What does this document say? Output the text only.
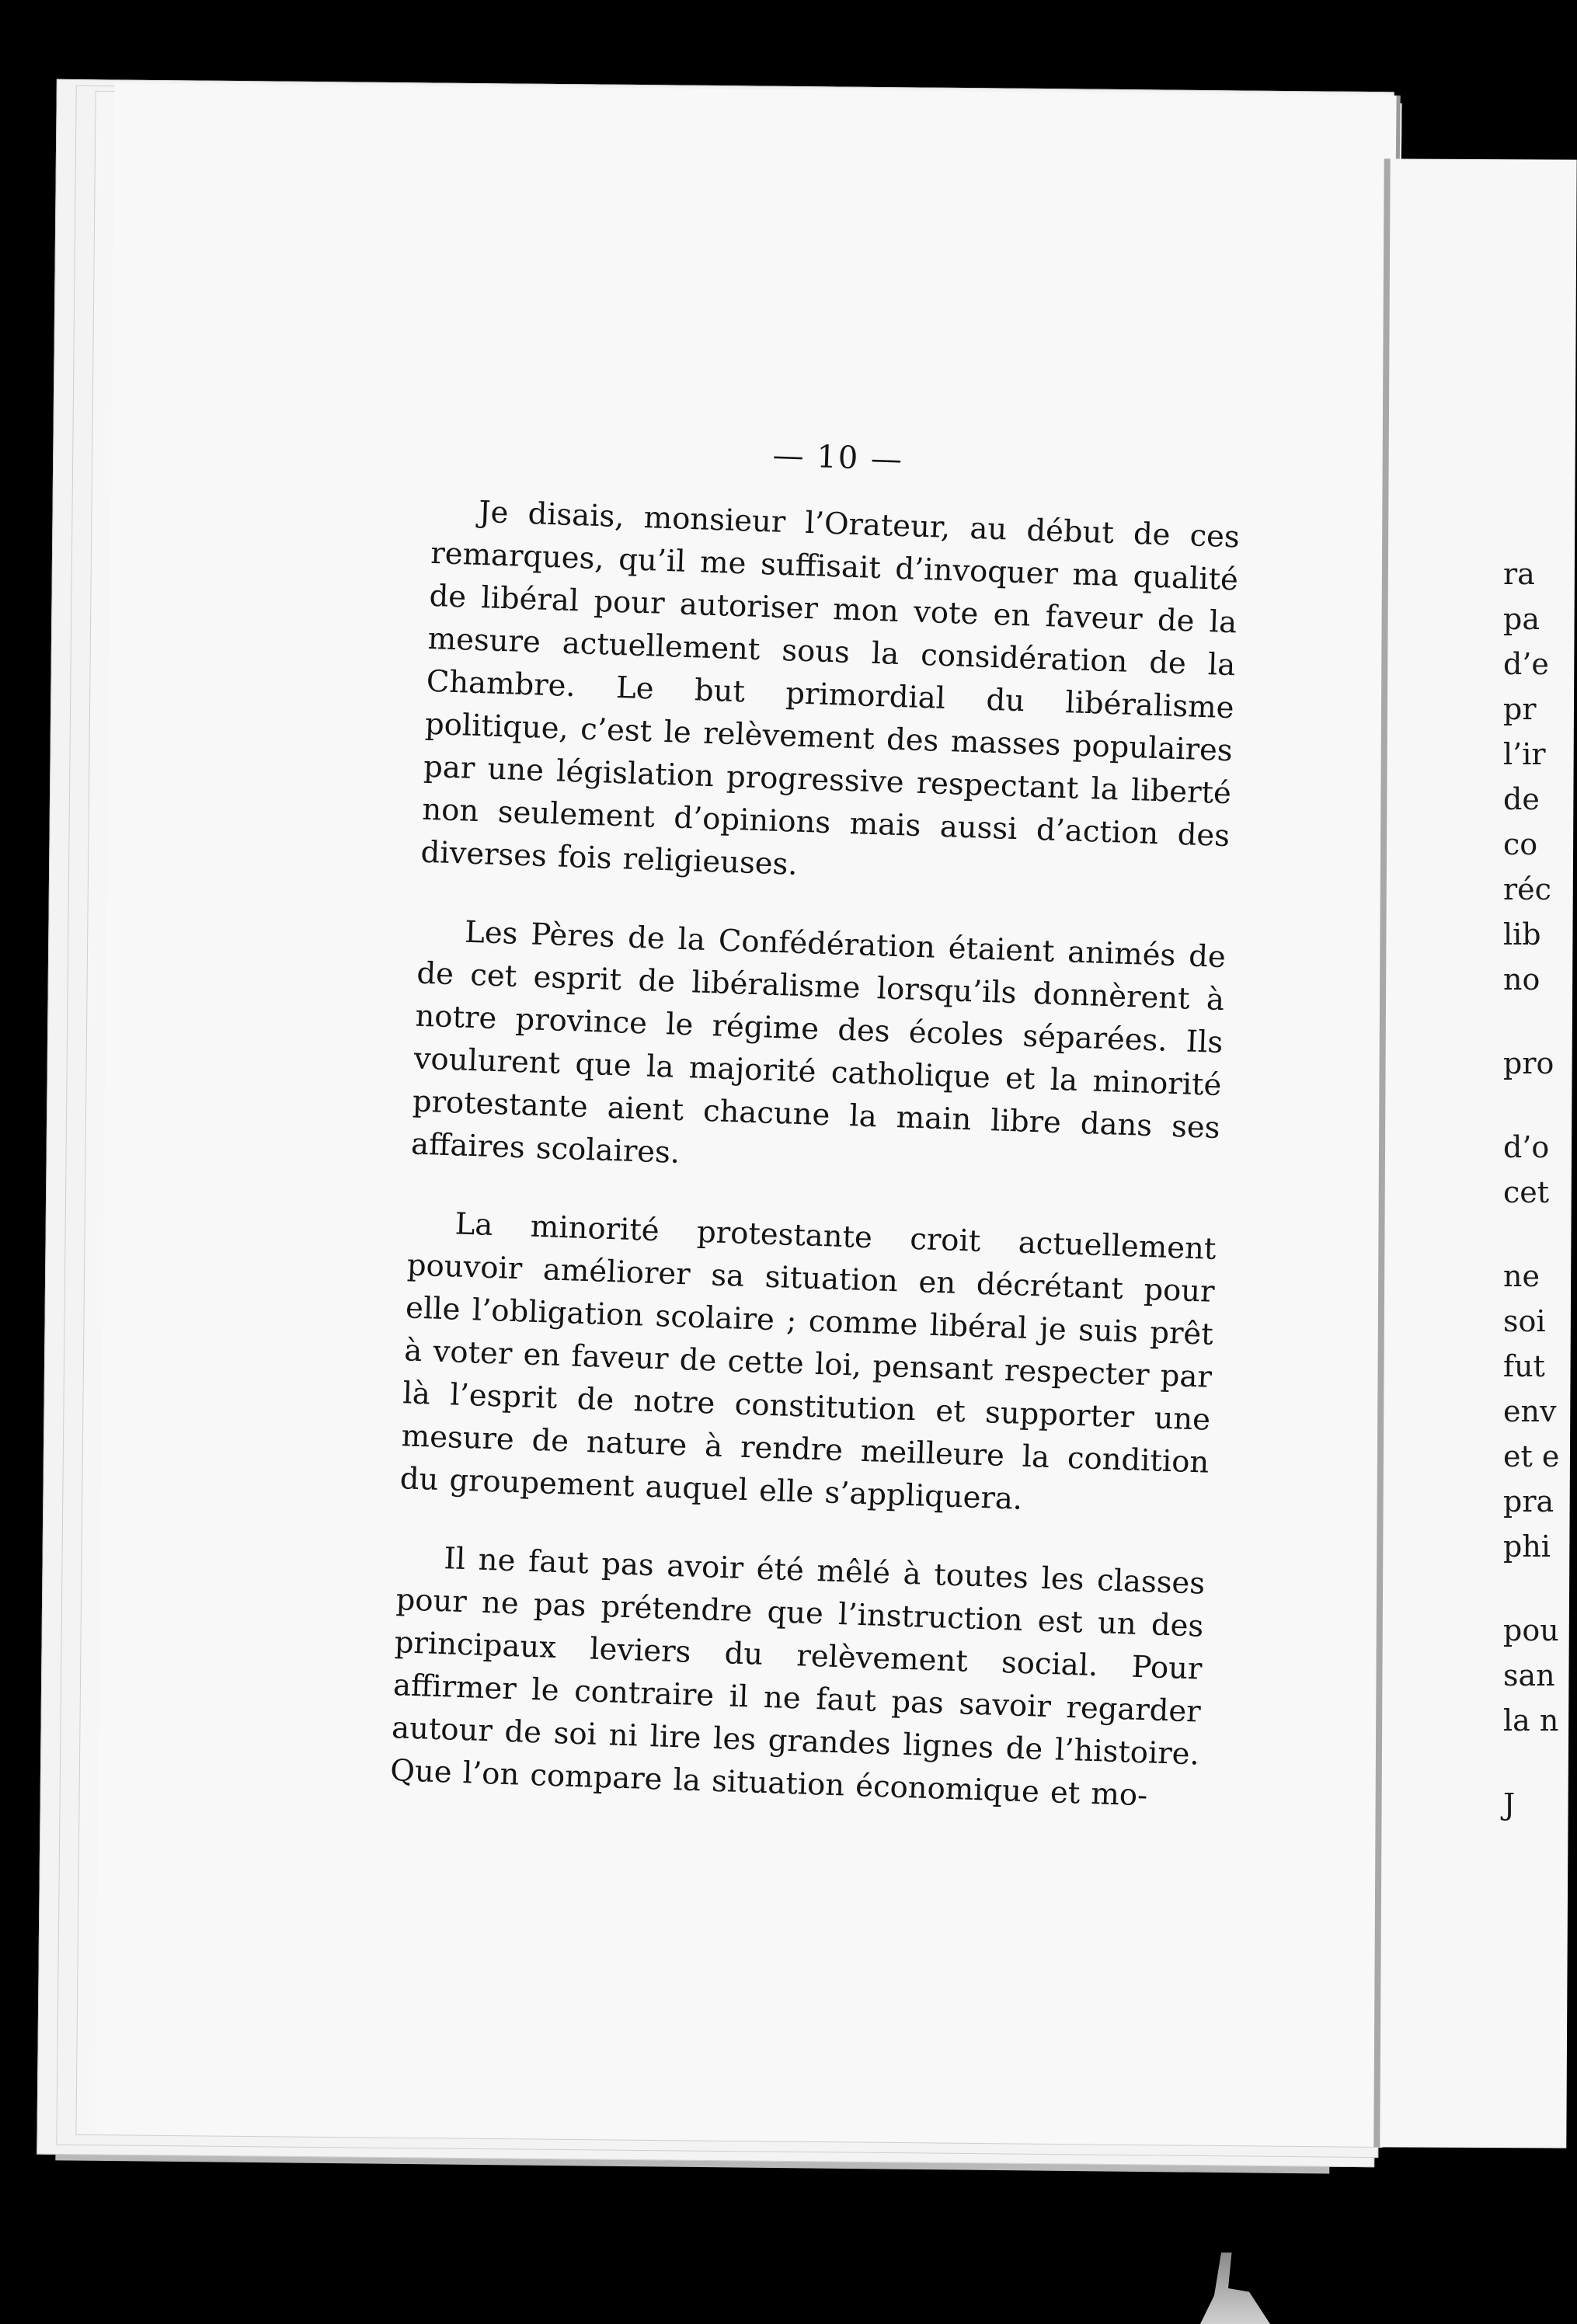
ra
pa
d’e
pr
l’ir
de
co
réc
lib
no
pro
d’o
cet
ne
soi
fut
env
et e
pra
phi
pou
san
la n
J
— 10 —

Je disais, monsieur l’Orateur, au début de ces remarques, qu’il me suffisait d’invoquer ma qualité de libéral pour autoriser mon vote en faveur de la mesure actuellement sous la considération de la Chambre. Le but primordial du libéralisme politique, c’est le relèvement des masses populaires par une législation progressive respectant la liberté non seulement d’opinions mais aussi d’action des diverses fois religieuses.

Les Pères de la Confédération étaient animés de de cet esprit de libéralisme lorsqu’ils donnèrent à notre province le régime des écoles séparées. Ils voulurent que la majorité catholique et la minorité protestante aient chacune la main libre dans ses affaires scolaires.

La minorité protestante croit actuellement pouvoir améliorer sa situation en décrétant pour elle l’obligation scolaire ; comme libéral je suis prêt à voter en faveur de cette loi, pensant respecter par là l’esprit de notre constitution et supporter une mesure de nature à rendre meilleure la condition du groupement auquel elle s’appliquera.

Il ne faut pas avoir été mêlé à toutes les classes pour ne pas prétendre que l’instruction est un des principaux leviers du relèvement social. Pour affirmer le contraire il ne faut pas savoir regarder autour de soi ni lire les grandes lignes de l’histoire. Que l’on compare la situation économique et mo-
